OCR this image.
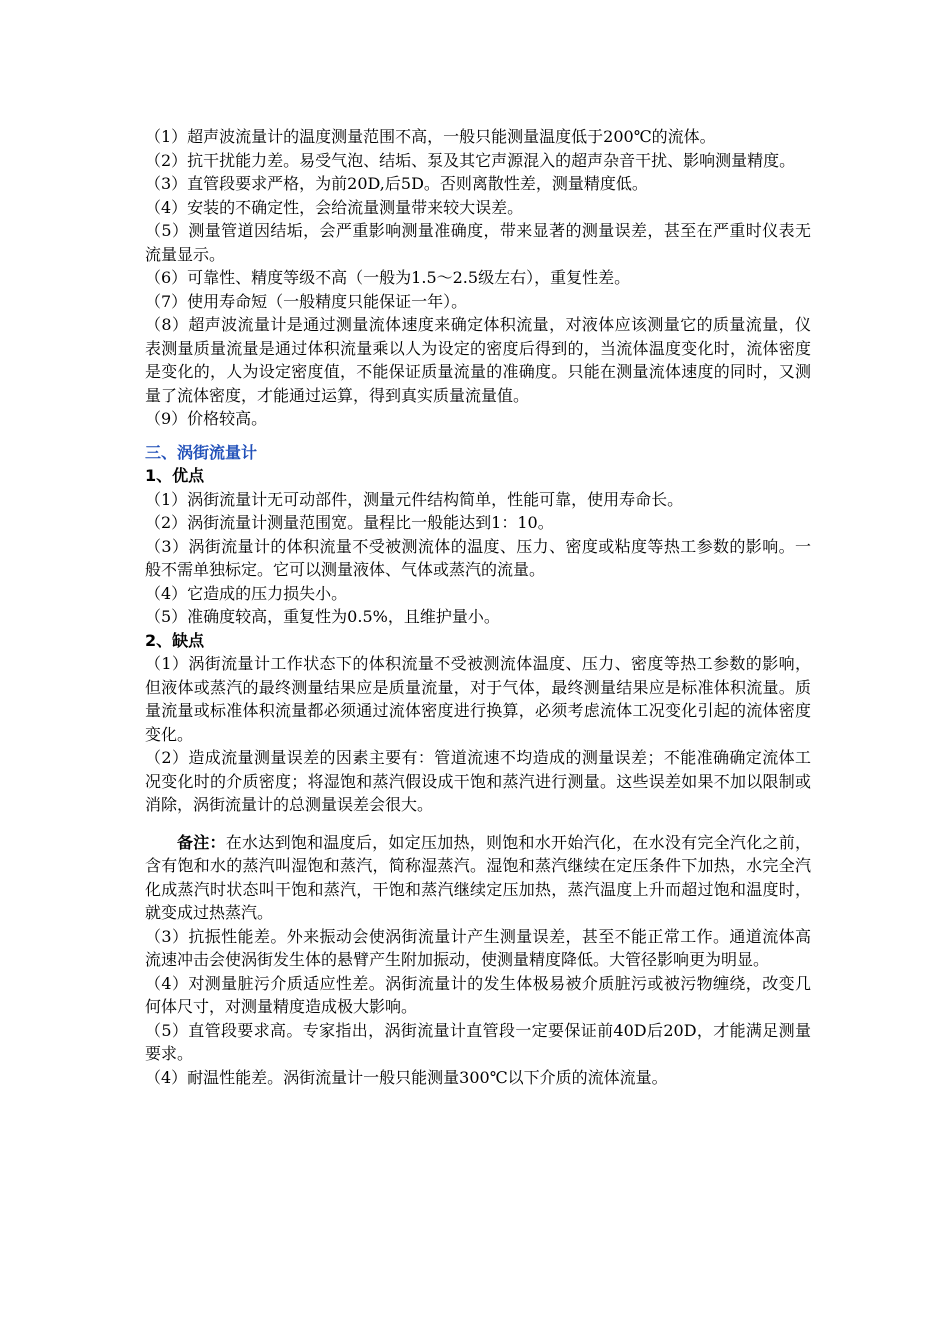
（1）超声波流量计的温度测量范围不高，一般只能测量温度低于200℃的流体。

（2）抗干扰能力差。易受气泡、结垢、泵及其它声源混入的超声杂音干扰、影响测量精度。

（3）直管段要求严格，为前20D,后5D。否则离散性差，测量精度低。

（4）安装的不确定性，会给流量测量带来较大误差。

（5）测量管道因结垢，会严重影响测量准确度，带来显著的测量误差，甚至在严重时仪表无流量显示。

（6）可靠性、精度等级不高（一般为1.5～2.5级左右），重复性差。

（7）使用寿命短（一般精度只能保证一年）。

（8）超声波流量计是通过测量流体速度来确定体积流量，对液体应该测量它的质量流量，仪表测量质量流量是通过体积流量乘以人为设定的密度后得到的，当流体温度变化时，流体密度是变化的，人为设定密度值，不能保证质量流量的准确度。只能在测量流体速度的同时，又测量了流体密度，才能通过运算，得到真实质量流量值。

（9）价格较高。

三、涡街流量计

1、优点

（1）涡街流量计无可动部件，测量元件结构简单，性能可靠，使用寿命长。

（2）涡街流量计测量范围宽。量程比一般能达到1：10。

（3）涡街流量计的体积流量不受被测流体的温度、压力、密度或粘度等热工参数的影响。一般不需单独标定。它可以测量液体、气体或蒸汽的流量。

（4）它造成的压力损失小。

（5）准确度较高，重复性为0.5%，且维护量小。

2、缺点

（1）涡街流量计工作状态下的体积流量不受被测流体温度、压力、密度等热工参数的影响，但液体或蒸汽的最终测量结果应是质量流量，对于气体，最终测量结果应是标准体积流量。质量流量或标准体积流量都必须通过流体密度进行换算，必须考虑流体工况变化引起的流体密度变化。

（2）造成流量测量误差的因素主要有：管道流速不均造成的测量误差；不能准确确定流体工况变化时的介质密度；将湿饱和蒸汽假设成干饱和蒸汽进行测量。这些误差如果不加以限制或消除，涡街流量计的总测量误差会很大。

备注：在水达到饱和温度后，如定压加热，则饱和水开始汽化，在水没有完全汽化之前，含有饱和水的蒸汽叫湿饱和蒸汽，简称湿蒸汽。湿饱和蒸汽继续在定压条件下加热，水完全汽化成蒸汽时状态叫干饱和蒸汽，干饱和蒸汽继续定压加热，蒸汽温度上升而超过饱和温度时，就变成过热蒸汽。

（3）抗振性能差。外来振动会使涡街流量计产生测量误差，甚至不能正常工作。通道流体高流速冲击会使涡街发生体的悬臂产生附加振动，使测量精度降低。大管径影响更为明显。

（4）对测量脏污介质适应性差。涡街流量计的发生体极易被介质脏污或被污物缠绕，改变几何体尺寸，对测量精度造成极大影响。

（5）直管段要求高。专家指出，涡街流量计直管段一定要保证前40D后20D，才能满足测量要求。

（4）耐温性能差。涡街流量计一般只能测量300℃以下介质的流体流量。
